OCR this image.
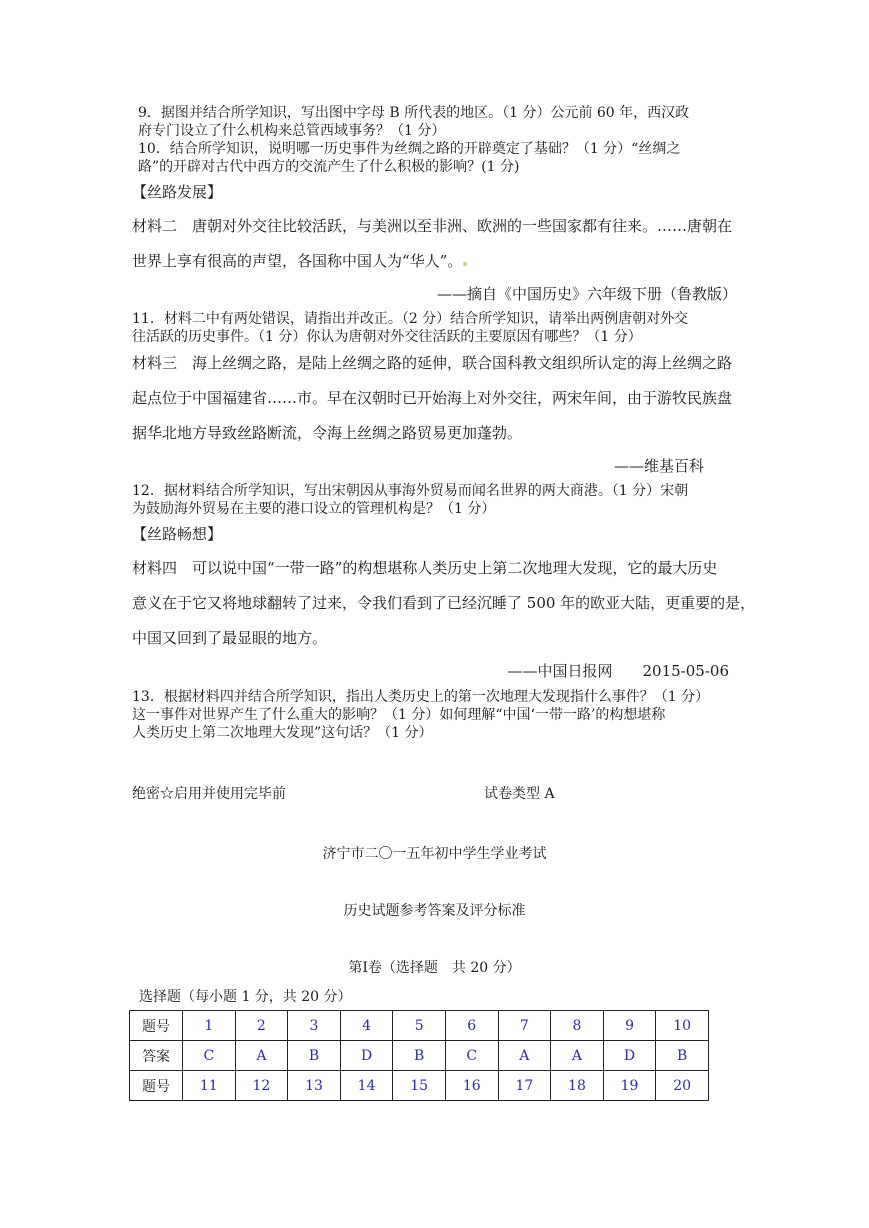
9．据图并结合所学知识，写出图中字母 B 所代表的地区。（1 分）公元前 60 年，西汉政
府专门设立了什么机构来总管西域事务？（1 分）
10．结合所学知识，说明哪一历史事件为丝绸之路的开辟奠定了基础？（1 分）“丝绸之
路”的开辟对古代中西方的交流产生了什么积极的影响？(1 分)
【丝路发展】
材料二　唐朝对外交往比较活跃，与美洲以至非洲、欧洲的一些国家都有往来。……唐朝在
世界上享有很高的声望，各国称中国人为“华人”。
——摘自《中国历史》六年级下册（鲁教版）
11．材料二中有两处错误，请指出并改正。（2 分）结合所学知识，请举出两例唐朝对外交
往活跃的历史事件。（1 分）你认为唐朝对外交往活跃的主要原因有哪些？（1 分）
材料三　海上丝绸之路，是陆上丝绸之路的延伸，联合国科教文组织所认定的海上丝绸之路
起点位于中国福建省……市。早在汉朝时已开始海上对外交往，两宋年间，由于游牧民族盘
据华北地方导致丝路断流，令海上丝绸之路贸易更加蓬勃。
——维基百科
12．据材料结合所学知识，写出宋朝因从事海外贸易而闻名世界的两大商港。（1 分）宋朝
为鼓励海外贸易在主要的港口设立的管理机构是？（1 分）
【丝路畅想】
材料四　可以说中国“一带一路”的构想堪称人类历史上第二次地理大发现，它的最大历史
意义在于它又将地球翻转了过来，令我们看到了已经沉睡了 500 年的欧亚大陆，更重要的是，
中国又回到了最显眼的地方。
——中国日报网　　2015-05-06
13．根据材料四并结合所学知识，指出人类历史上的第一次地理大发现指什么事件？（1 分）
这一事件对世界产生了什么重大的影响？（1 分）如何理解“中国‘一带一路’的构想堪称
人类历史上第二次地理大发现”这句话？（1 分）
绝密☆启用并使用完毕前	试卷类型 A
济宁市二〇一五年初中学生学业考试
历史试题参考答案及评分标准
第Ⅰ卷（选择题　共 20 分）
选择题（每小题 1 分，共 20 分）
题号	1	2	3	4	5	6	7	8	9	10
答案	C	A	B	D	B	C	A	A	D	B
题号	11	12	13	14	15	16	17	18	19	20
